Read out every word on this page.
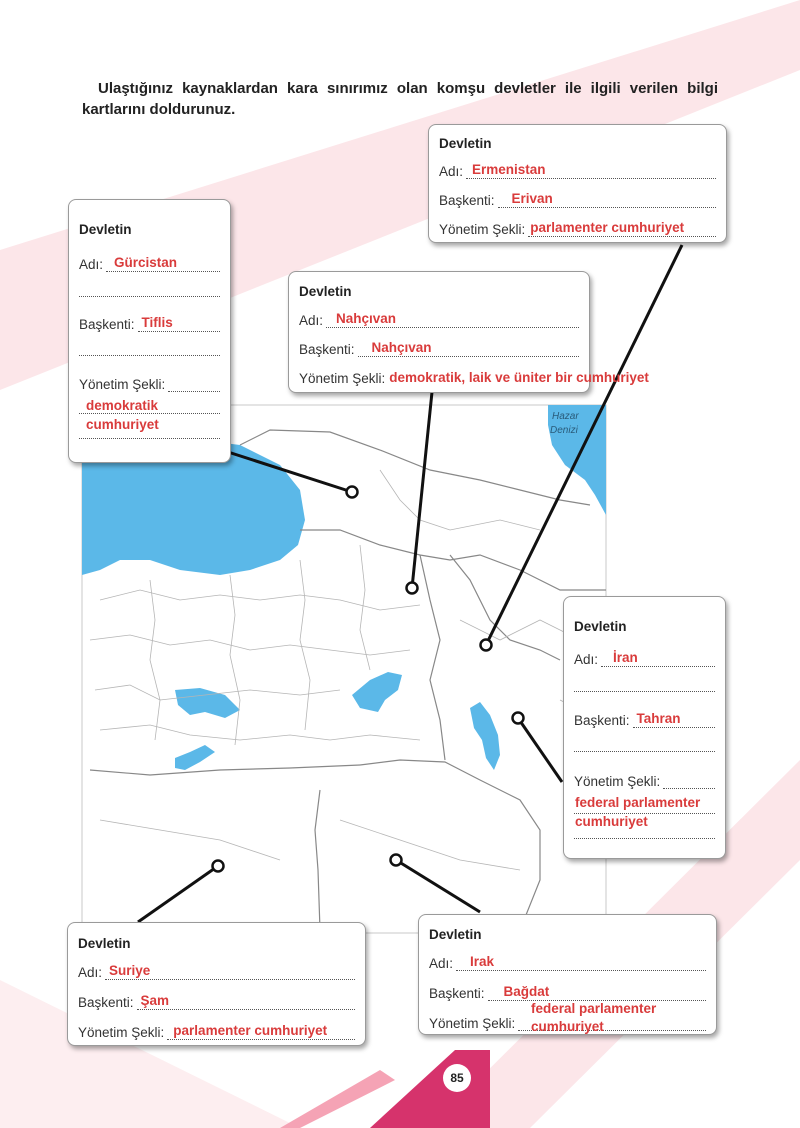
Ulaştığınız kaynaklardan kara sınırımız olan komşu devletler ile ilgili verilen bilgi kartlarını doldurunuz.
Hazar
Denizi
Devletin
Adı: Ermenistan
Başkenti: Erivan
Yönetim Şekli: parlamenter cumhuriyet
Devletin
Adı: Gürcistan
Başkenti: Tiflis
Yönetim Şekli:
demokratik
cumhuriyet
Devletin
Adı: Nahçıvan
Başkenti: Nahçıvan
Yönetim Şekli: demokratik, laik ve üniter bir cumhuriyet
Devletin
Adı: İran
Başkenti: Tahran
Yönetim Şekli:
federal parlamenter
cumhuriyet
Devletin
Adı: Suriye
Başkenti: Şam
Yönetim Şekli: parlamenter cumhuriyet
Devletin
Adı: Irak
Başkenti: Bağdat
Yönetim Şekli:
federal parlamenter
cumhuriyet
85
